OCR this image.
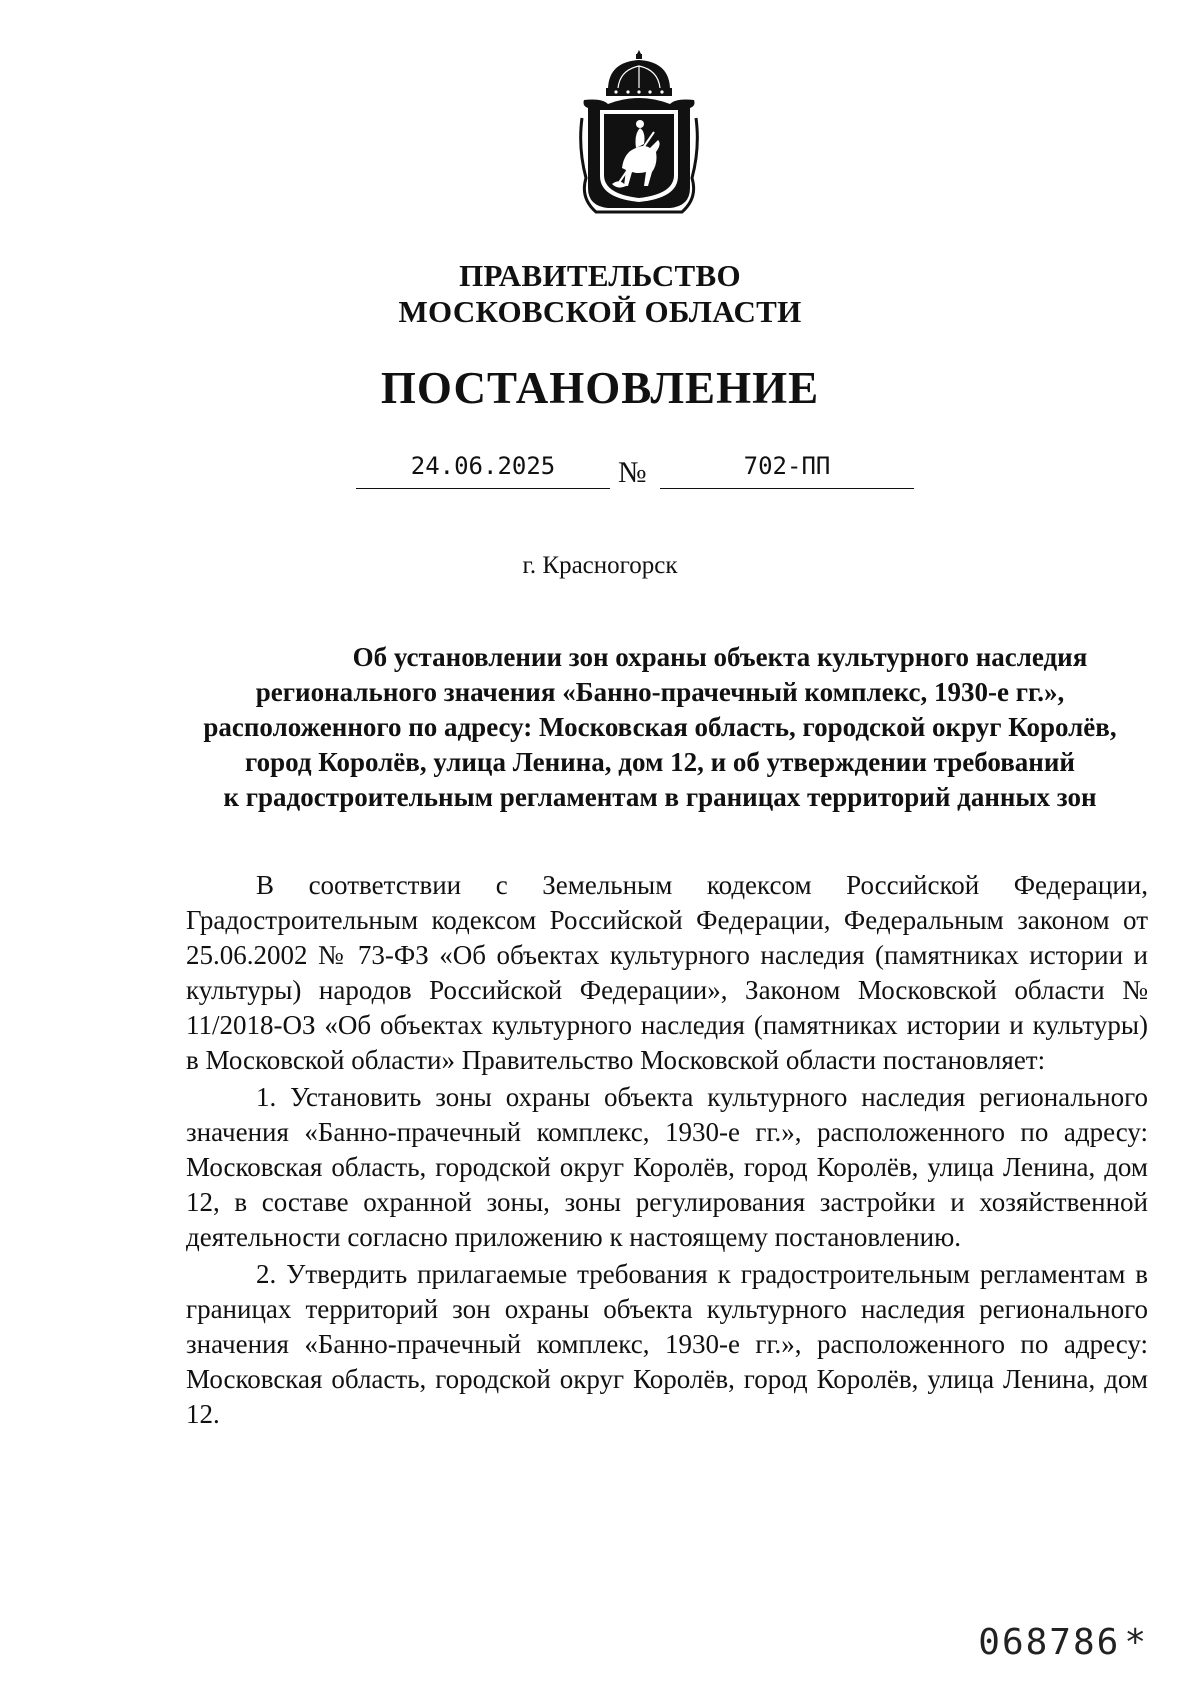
ПРАВИТЕЛЬСТВО
МОСКОВСКОЙ ОБЛАСТИ
ПОСТАНОВЛЕНИЕ
24.06.2025	№	702-ПП
г. Красногорск
Об установлении зон охраны объекта культурного наследия
регионального значения «Банно-прачечный комплекс, 1930-е гг.»,
расположенного по адресу: Московская область, городской округ Королёв,
город Королёв, улица Ленина, дом 12, и об утверждении требований
к градостроительным регламентам в границах территорий данных зон

В соответствии с Земельным кодексом Российской Федерации, Градостроительным кодексом Российской Федерации, Федеральным законом от 25.06.2002 № 73-ФЗ «Об объектах культурного наследия (памятниках истории и культуры) народов Российской Федерации», Законом Московской области № 11/2018-ОЗ «Об объектах культурного наследия (памятниках истории и культуры) в Московской области» Правительство Московской области постановляет:

1. Установить зоны охраны объекта культурного наследия регионального значения «Банно-прачечный комплекс, 1930-е гг.», расположенного по адресу: Московская область, городской округ Королёв, город Королёв, улица Ленина, дом 12, в составе охранной зоны, зоны регулирования застройки и хозяйственной деятельности согласно приложению к настоящему постановлению.

2. Утвердить прилагаемые требования к градостроительным регламентам в границах территорий зон охраны объекта культурного наследия регионального значения «Банно-прачечный комплекс, 1930-е гг.», расположенного по адресу: Московская область, городской округ Королёв, город Королёв, улица Ленина, дом 12.

068786 *
